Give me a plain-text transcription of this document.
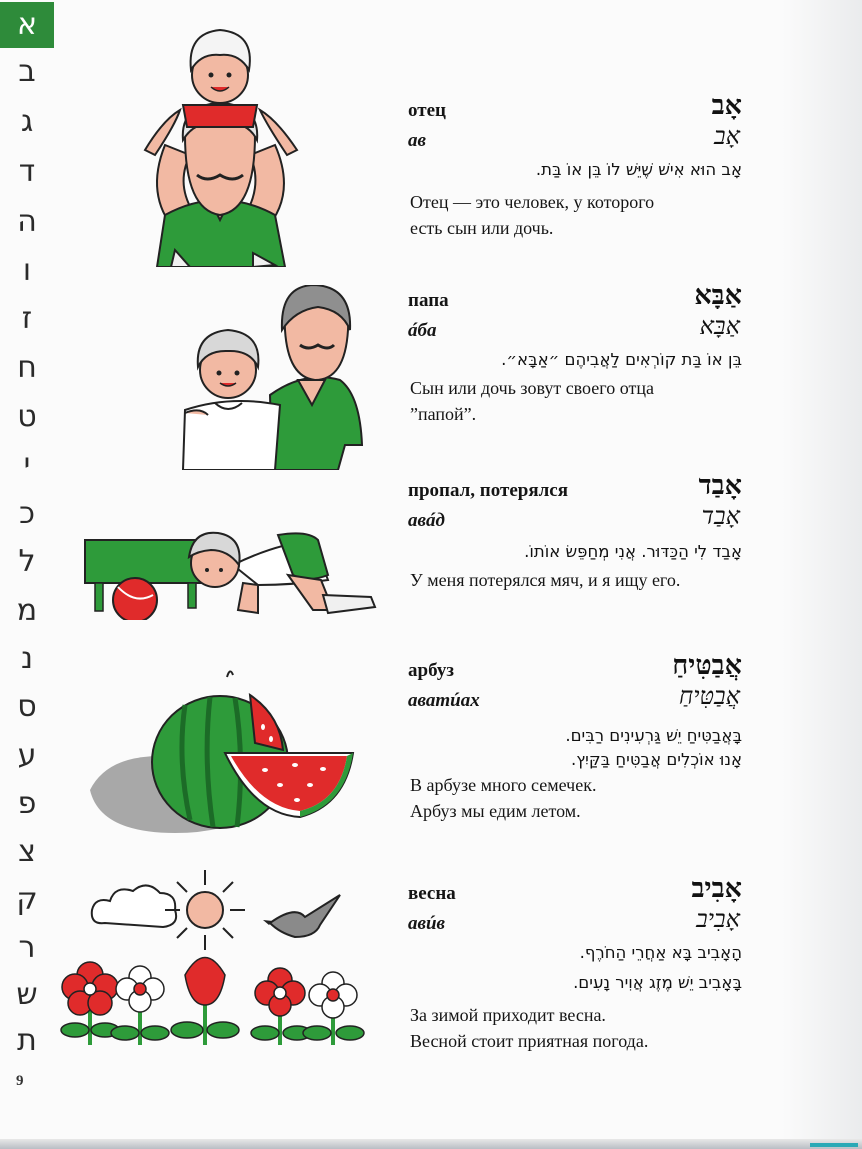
א
ב
ג
ד
ה
ו
ז
ח
ט
י
כ
ל
מ
נ
ס
ע
פ
צ
ק
ר
ש
ת
9
отец
ав
אָב
אָב
אָב הוּא אִישׁ שֶׁיֵּשׁ לוֹ בֵּן אוֹ בַּת.
Отец — это человек, у которого
есть сын или дочь.
папа
áба
אַבָּא
אַבָּא
בֵּן אוֹ בַּת קוֹרְאִים לַאֲבִיהֶם ״אַבָּא״.
Сын или дочь зовут своего отца
”папой”.
пропал, потерялся
авáд
אָבַד
אָבַד
אָבַד לִי הַכַּדּוּר. אֲנִי מְחַפֵּשׂ אוֹתוֹ.
У меня потерялся мяч, и я ищу его.
арбуз
аватúах
אֲבַטִּיחַ
אֲבַטִּיחַ
בָּאֲבַטִּיחַ יֵשׁ גַּרְעִינִים רַבִּים.
אָנוּ אוֹכְלִים אֲבַטִּיחַ בַּקַּיִץ.
В арбузе много семечек.
Арбуз мы едим летом.
весна
авúв
אָבִיב
אָבִיב
הָאָבִיב בָּא אַחֲרֵי הַחֹרֶף.
בָּאָבִיב יֵשׁ מֶזֶג אֲוִיר נָעִים.
За зимой приходит весна.
Весной стоит приятная погода.
